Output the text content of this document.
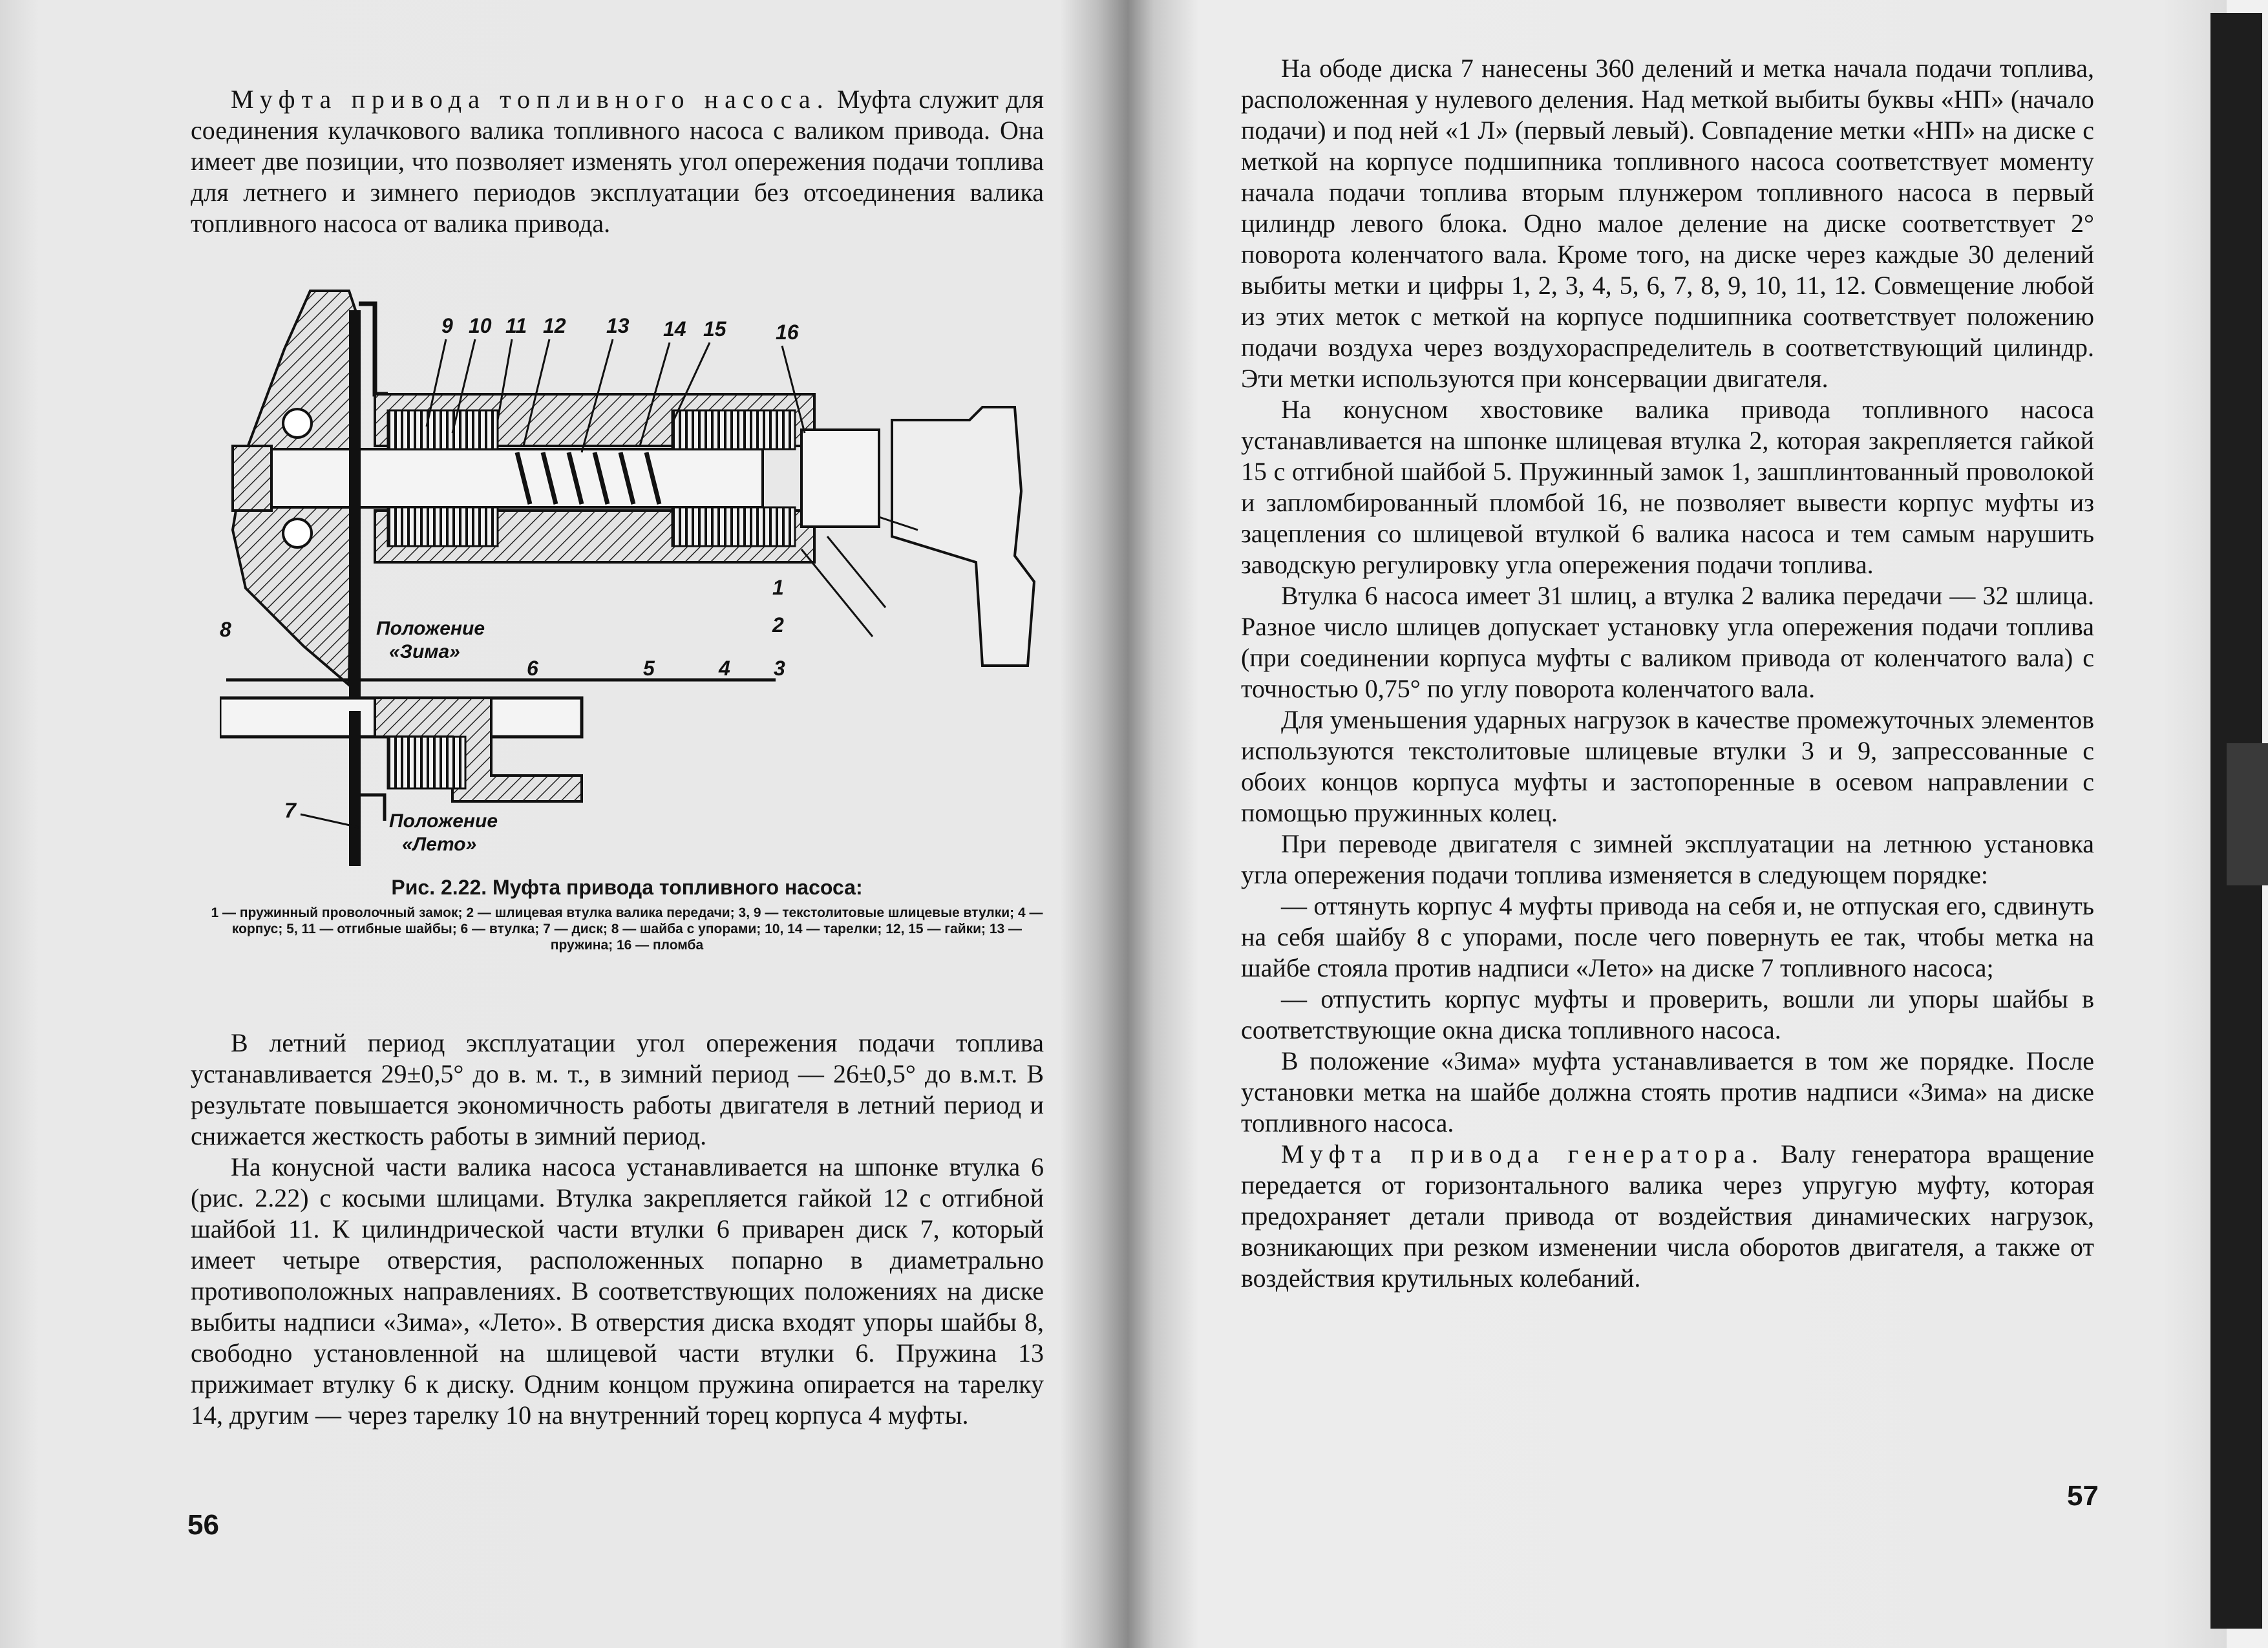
Муфта привода топливного насоса. Муфта служит для соединения кулачкового валика топливного насоса с валиком привода. Она имеет две позиции, что позволяет изменять угол опережения подачи топлива для летнего и зимнего периодов эксплуатации без отсоединения валика топливного насоса от валика привода.

9 10 11 12 13 14 15 16
8
6	5	4 3
1
2
7
Положение
«Зима»
Положение
«Лето»
Рис. 2.22. Муфта привода топливного насоса:
1 — пружинный проволочный замок; 2 — шлицевая втулка валика передачи; 3, 9 — текстолитовые шлицевые втулки; 4 — корпус; 5, 11 — отгибные шайбы; 6 — втулка; 7 — диск; 8 — шайба с упорами; 10, 14 — тарелки; 12, 15 — гайки; 13 — пружина; 16 — пломба

В летний период эксплуатации угол опережения подачи топлива устанавливается 29±0,5° до в. м. т., в зимний период — 26±0,5° до в.м.т. В результате повышается экономичность работы двигателя в летний период и снижается жесткость работы в зимний период.

На конусной части валика насоса устанавливается на шпонке втулка 6 (рис. 2.22) с косыми шлицами. Втулка закрепляется гайкой 12 с отгибной шайбой 11. К цилиндрической части втулки 6 приварен диск 7, который имеет четыре отверстия, расположенных попарно в диаметрально противоположных направлениях. В соответствующих положениях на диске выбиты надписи «Зима», «Лето». В отверстия диска входят упоры шайбы 8, свободно установленной на шлицевой части втулки 6. Пружина 13 прижимает втулку 6 к диску. Одним концом пружина опирается на тарелку 14, другим — через тарелку 10 на внутренний торец корпуса 4 муфты.

56

На ободе диска 7 нанесены 360 делений и метка начала подачи топлива, расположенная у нулевого деления. Над меткой выбиты буквы «НП» (начало подачи) и под ней «1 Л» (первый левый). Совпадение метки «НП» на диске с меткой на корпусе подшипника топливного насоса соответствует моменту начала подачи топлива вторым плунжером топливного насоса в первый цилиндр левого блока. Одно малое деление на диске соответствует 2° поворота коленчатого вала. Кроме того, на диске через каждые 30 делений выбиты метки и цифры 1, 2, 3, 4, 5, 6, 7, 8, 9, 10, 11, 12. Совмещение любой из этих меток с меткой на корпусе подшипника соответствует положению подачи воздуха через воздухораспределитель в соответствующий цилиндр. Эти метки используются при консервации двигателя.

На конусном хвостовике валика привода топливного насоса устанавливается на шпонке шлицевая втулка 2, которая закрепляется гайкой 15 с отгибной шайбой 5. Пружинный замок 1, зашплинтованный проволокой и запломбированный пломбой 16, не позволяет вывести корпус муфты из зацепления со шлицевой втулкой 6 валика насоса и тем самым нарушить заводскую регулировку угла опережения подачи топлива.

Втулка 6 насоса имеет 31 шлиц, а втулка 2 валика передачи — 32 шлица. Разное число шлицев допускает установку угла опережения подачи топлива (при соединении корпуса муфты с валиком привода от коленчатого вала) с точностью 0,75° по углу поворота коленчатого вала.

Для уменьшения ударных нагрузок в качестве промежуточных элементов используются текстолитовые шлицевые втулки 3 и 9, запрессованные с обоих концов корпуса муфты и застопоренные в осевом направлении с помощью пружинных колец.

При переводе двигателя с зимней эксплуатации на летнюю установка угла опережения подачи топлива изменяется в следующем порядке:

— оттянуть корпус 4 муфты привода на себя и, не отпуская его, сдвинуть на себя шайбу 8 с упорами, после чего повернуть ее так, чтобы метка на шайбе стояла против надписи «Лето» на диске 7 топливного насоса;

— отпустить корпус муфты и проверить, вошли ли упоры шайбы в соответствующие окна диска топливного насоса.

В положение «Зима» муфта устанавливается в том же порядке. После установки метка на шайбе должна стоять против надписи «Зима» на диске топливного насоса.

Муфта привода генератора. Валу генератора вращение передается от горизонтального валика через упругую муфту, которая предохраняет детали привода от воздействия динамических нагрузок, возникающих при резком изменении числа оборотов двигателя, а также от воздействия крутильных колебаний.

57
